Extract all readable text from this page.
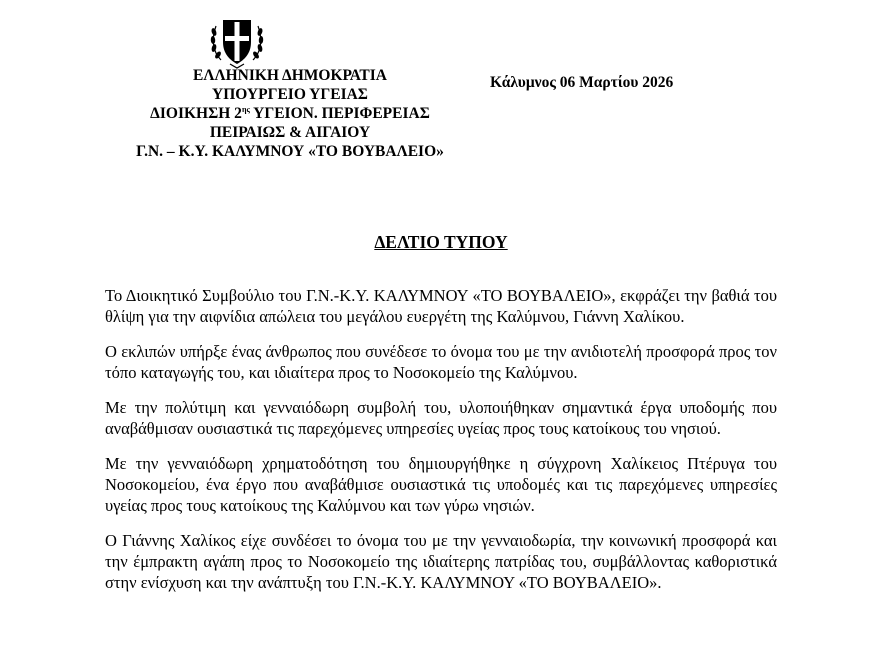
ΕΛΛΗΝΙΚΗ ΔΗΜΟΚΡΑΤΙΑ
ΥΠΟΥΡΓΕΙΟ ΥΓΕΙΑΣ
ΔΙΟΙΚΗΣΗ $2^{\eta\varsigma}$ ΥΓΕΙΟΝ. ΠΕΡΙΦΕΡΕΙΑΣ
ΠΕΙΡΑΙΩΣ & ΑΙΓΑΙΟΥ
Γ.Ν. – Κ.Υ. ΚΑΛΥΜΝΟΥ «ΤΟ ΒΟΥΒΑΛΕΙΟ»
Κάλυμνος 06 Μαρτίου 2026
ΔΕΛΤΙΟ ΤΥΠΟΥ

Το Διοικητικό Συμβούλιο του Γ.Ν.-Κ.Υ. ΚΑΛΥΜΝΟΥ «ΤΟ ΒΟΥΒΑΛΕΙΟ», εκφράζει την βαθιά του θλίψη για την αιφνίδια απώλεια του μεγάλου ευεργέτη της Καλύμνου, Γιάννη Χαλίκου.

Ο εκλιπών υπήρξε ένας άνθρωπος που συνέδεσε το όνομα του με την ανιδιοτελή προσφορά προς τον τόπο καταγωγής του, και ιδιαίτερα προς το Νοσοκομείο της Καλύμνου.

Με την πολύτιμη και γενναιόδωρη συμβολή του, υλοποιήθηκαν σημαντικά έργα υποδομής που αναβάθμισαν ουσιαστικά τις παρεχόμενες υπηρεσίες υγείας προς τους κατοίκους του νησιού.

Με την γενναιόδωρη χρηματοδότηση του δημιουργήθηκε η σύγχρονη Χαλίκειος Πτέρυγα του Νοσοκομείου, ένα έργο που αναβάθμισε ουσιαστικά τις υποδομές και τις παρεχόμενες υπηρεσίες υγείας προς τους κατοίκους της Καλύμνου και των γύρω νησιών.

Ο Γιάννης Χαλίκος είχε συνδέσει το όνομα του με την γενναιοδωρία, την κοινωνική προσφορά και την έμπρακτη αγάπη προς το Νοσοκομείο της ιδιαίτερης πατρίδας του, συμβάλλοντας καθοριστικά στην ενίσχυση και την ανάπτυξη του Γ.Ν.-Κ.Υ. ΚΑΛΥΜΝΟΥ «ΤΟ ΒΟΥΒΑΛΕΙΟ».
